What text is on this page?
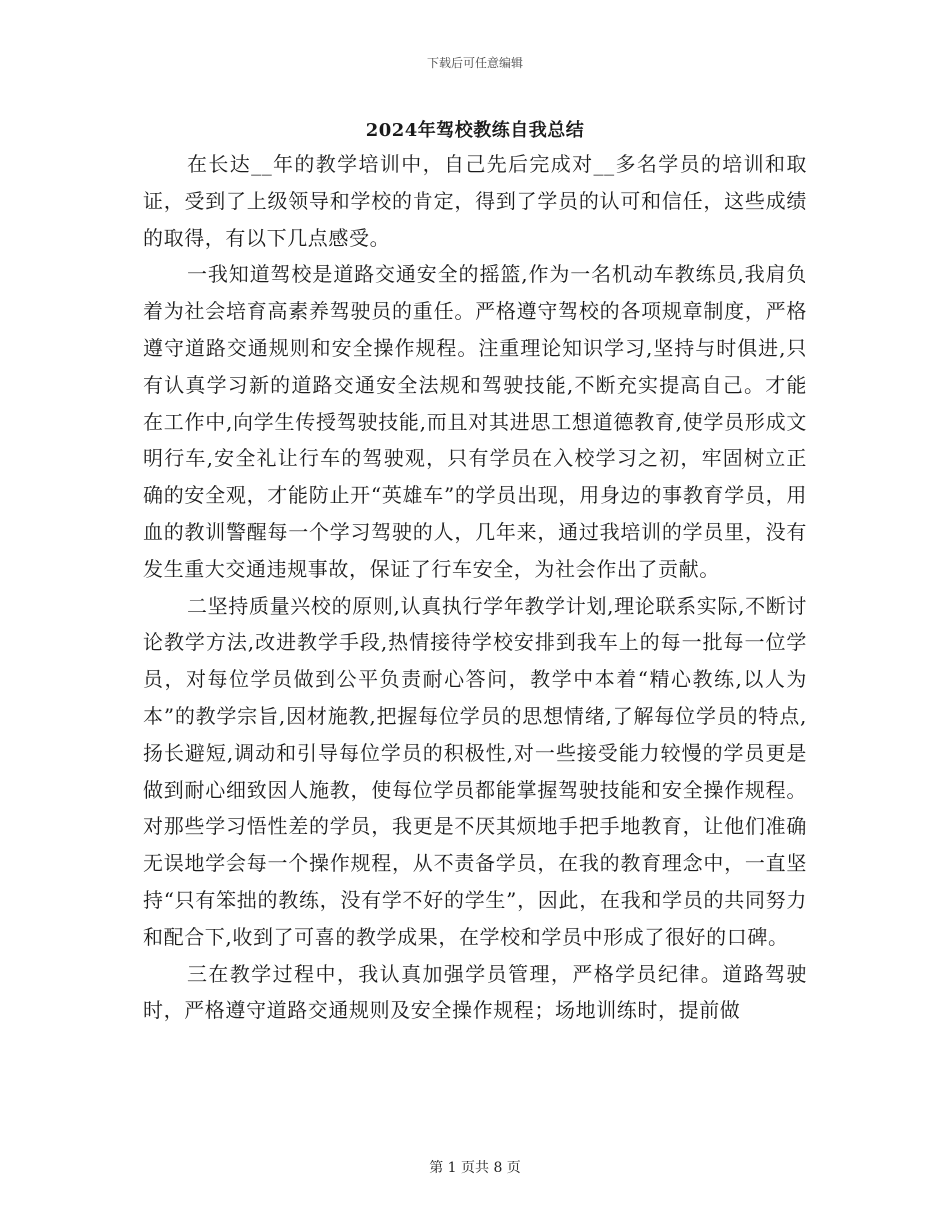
下载后可任意编辑
2024年驾校教练自我总结

在长达__年的教学培训中，自己先后完成对__多名学员的培训和取证，受到了上级领导和学校的肯定，得到了学员的认可和信任，这些成绩的取得，有以下几点感受。

一我知道驾校是道路交通安全的摇篮,作为一名机动车教练员,我肩负着为社会培育高素养驾驶员的重任。严格遵守驾校的各项规章制度，严格遵守道路交通规则和安全操作规程。注重理论知识学习,坚持与时俱进,只有认真学习新的道路交通安全法规和驾驶技能,不断充实提高自己。才能在工作中,向学生传授驾驶技能,而且对其进思工想道德教育,使学员形成文明行车,安全礼让行车的驾驶观，只有学员在入校学习之初，牢固树立正确的安全观，才能防止开“英雄车”的学员出现，用身边的事教育学员，用血的教训警醒每一个学习驾驶的人，几年来，通过我培训的学员里，没有发生重大交通违规事故，保证了行车安全，为社会作出了贡献。

二坚持质量兴校的原则,认真执行学年教学计划,理论联系实际,不断讨论教学方法,改进教学手段,热情接待学校安排到我车上的每一批每一位学员，对每位学员做到公平负责耐心答问，教学中本着“精心教练,以人为本”的教学宗旨,因材施教,把握每位学员的思想情绪,了解每位学员的特点,扬长避短,调动和引导每位学员的积极性,对一些接受能力较慢的学员更是做到耐心细致因人施教，使每位学员都能掌握驾驶技能和安全操作规程。对那些学习悟性差的学员，我更是不厌其烦地手把手地教育，让他们准确无误地学会每一个操作规程，从不责备学员，在我的教育理念中，一直坚持“只有笨拙的教练，没有学不好的学生”，因此，在我和学员的共同努力和配合下,收到了可喜的教学成果，在学校和学员中形成了很好的口碑。

三在教学过程中，我认真加强学员管理，严格学员纪律。道路驾驶时，严格遵守道路交通规则及安全操作规程；场地训练时，提前做

第 1 页共 8 页
